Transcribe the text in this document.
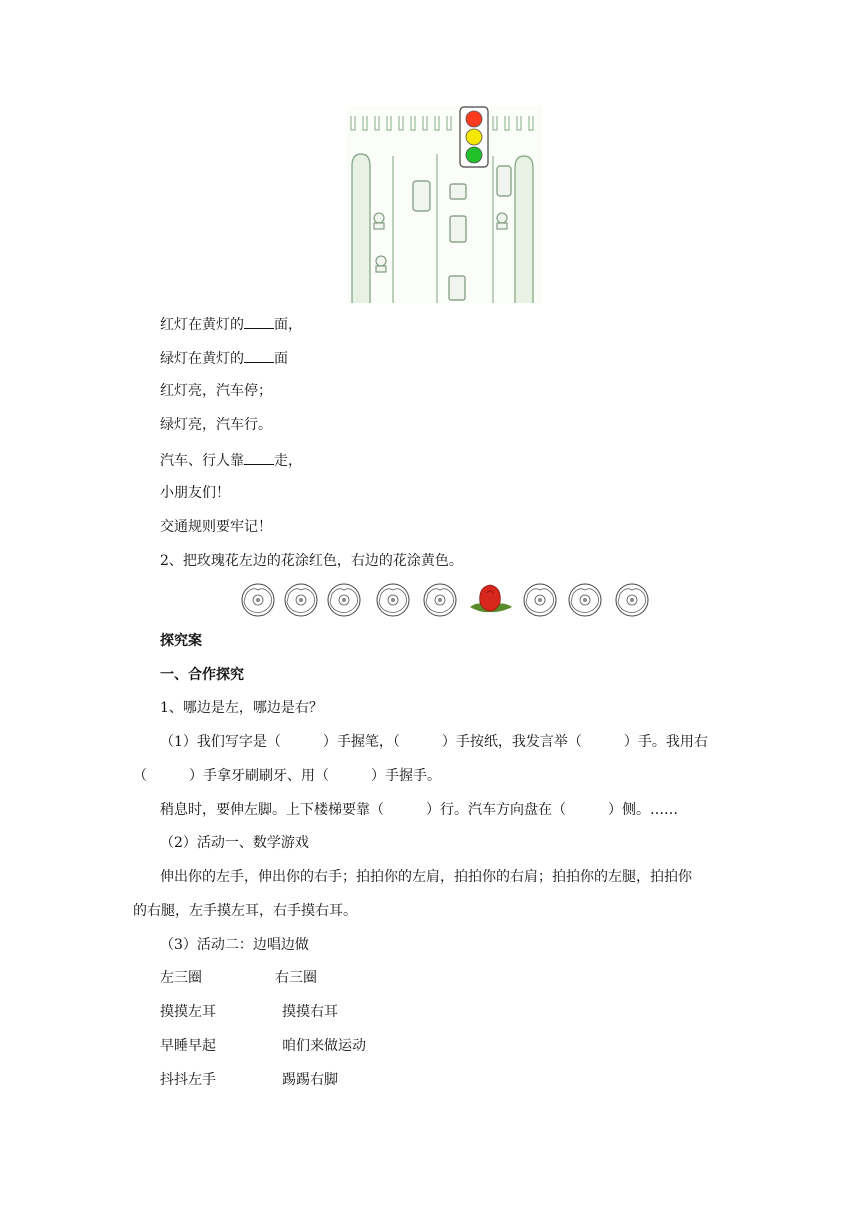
红灯在黄灯的 面，
绿灯在黄灯的 面
红灯亮，汽车停；
绿灯亮，汽车行。
汽车、行人靠 走，
小朋友们！
交通规则要牢记！
2、把玫瑰花左边的花涂红色，右边的花涂黄色。
探究案
一、合作探究
1、哪边是左，哪边是右？
（1）我们写字是（　　　）手握笔，（　　　）手按纸，我发言举（　　　）手。我用右
（　　　）手拿牙刷刷牙、用（　　　）手握手。
稍息时，要伸左脚。上下楼梯要靠（　　　）行。汽车方向盘在（　　　）侧。……
（2）活动一、数学游戏
伸出你的左手，伸出你的右手；拍拍你的左肩，拍拍你的右肩；拍拍你的左腿，拍拍你
的右腿，左手摸左耳，右手摸右耳。
（3）活动二：边唱边做
左三圈	右三圈
摸摸左耳	摸摸右耳
早睡早起	咱们来做运动
抖抖左手	踢踢右脚
